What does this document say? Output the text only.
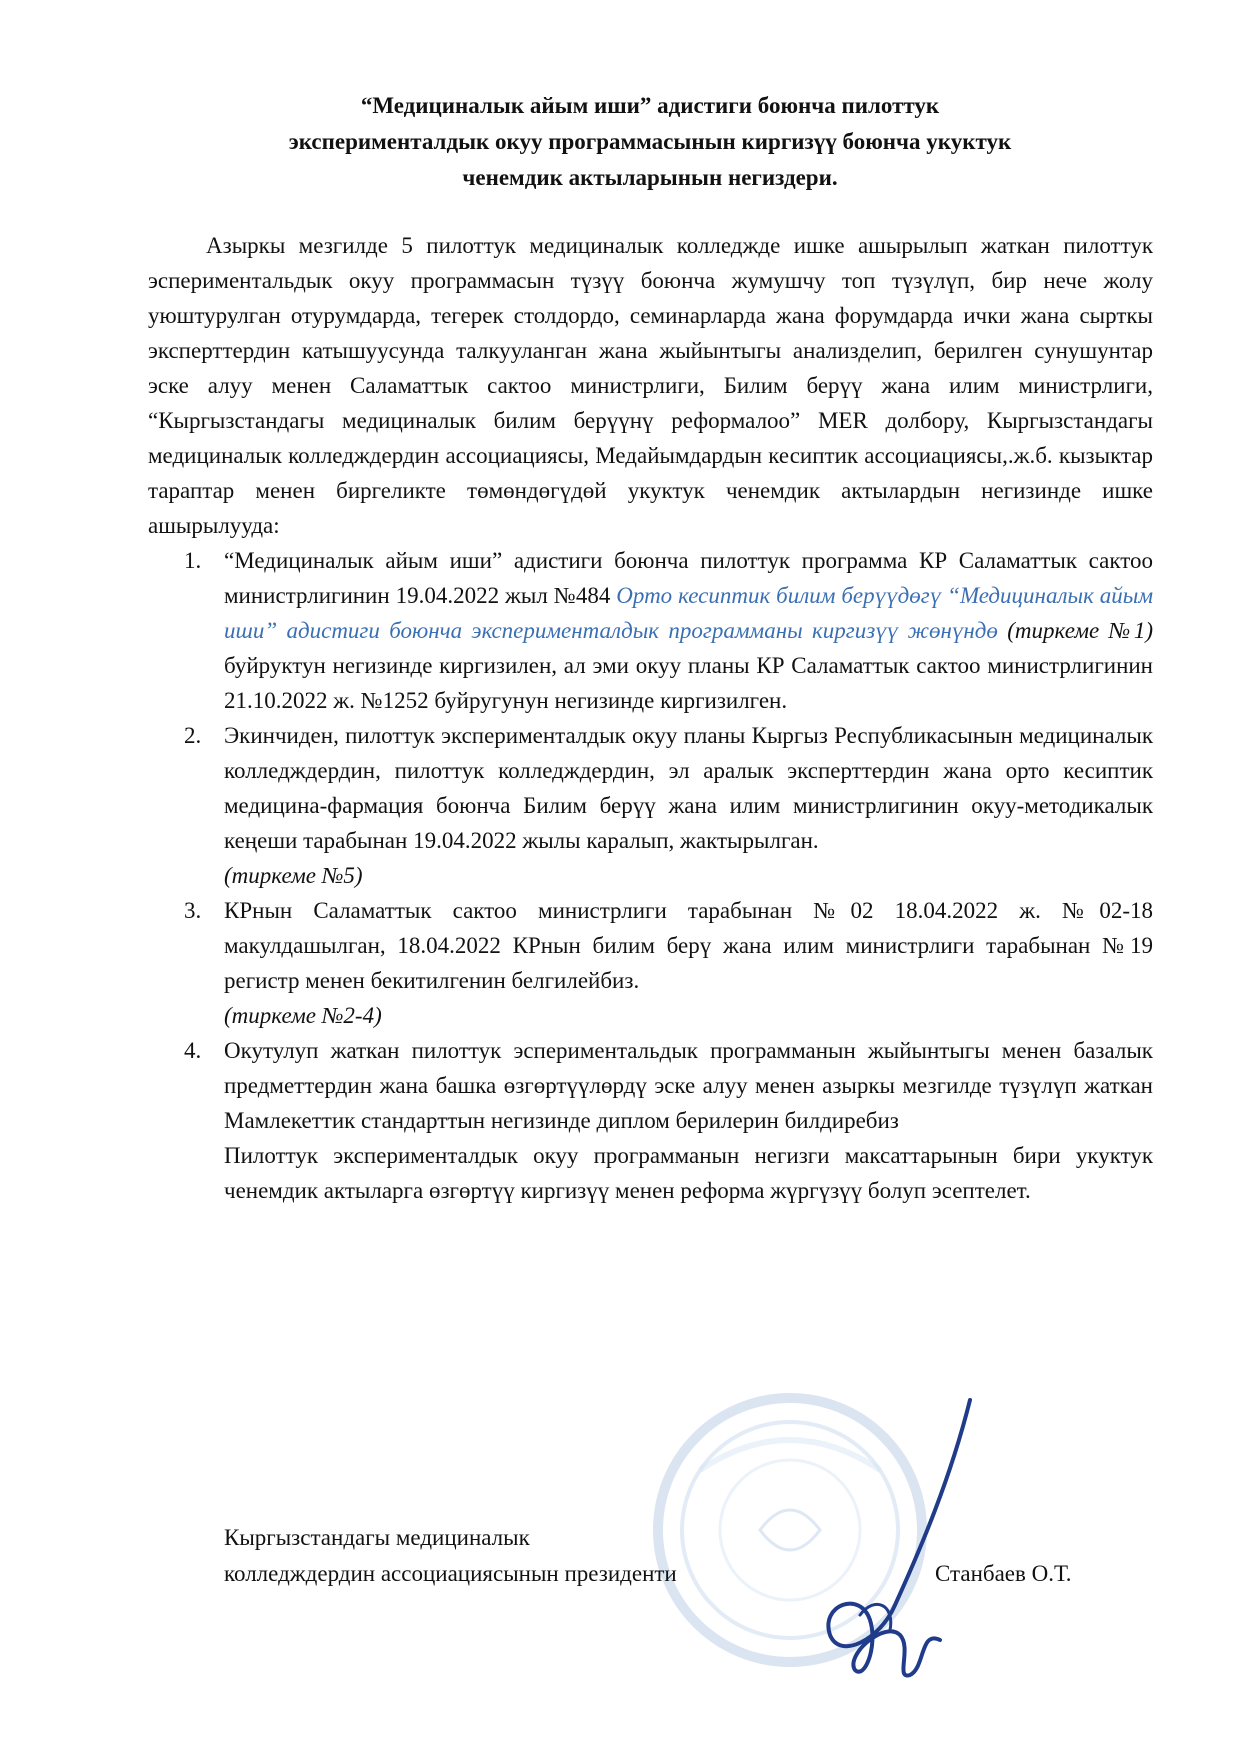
“Медициналык айым иши” адистиги боюнча пилоттук
эксперименталдык окуу программасынын киргизүү боюнча укуктук
ченемдик актыларынын негиздери.

Азыркы мезгилде 5 пилоттук медициналык колледжде ишке ашырылып жаткан пилоттук эспериментальдык окуу программасын түзүү боюнча жумушчу топ түзүлүп, бир нече жолу уюштурулган отурумдарда, тегерек столдордо, семинарларда жана форумдарда ички жана сырткы эксперттердин катышуусунда талкууланган жана жыйынтыгы анализделип, берилген сунушунтар эске алуу менен Саламаттык сактоо министрлиги, Билим берүү жана илим министрлиги, “Кыргызстандагы медициналык билим берүүнү реформалоо” MER долбору, Кыргызстандагы медициналык колледждердин ассоциациясы, Медайымдардын кесиптик ассоциациясы,.ж.б. кызыктар тараптар менен биргеликте төмөндөгүдөй укуктук ченемдик актылардын негизинде ишке ашырылууда:

1. “Медициналык айым иши” адистиги боюнча пилоттук программа КР Саламаттык сактоо министрлигинин 19.04.2022 жыл №484 Орто кесиптик билим берүүдөгү “Медициналык айым иши” адистиги боюнча эксперименталдык программаны киргизүү жөнүндө (тиркеме №1) буйруктун негизинде киргизилен, ал эми окуу планы КР Саламаттык сактоо министрлигинин 21.10.2022 ж. №1252 буйругунун негизинде киргизилген.
2. Экинчиден, пилоттук эксперименталдык окуу планы Кыргыз Республикасынын медициналык колледждердин, пилоттук колледждердин, эл аралык эксперттердин жана орто кесиптик медицина-фармация боюнча Билим берүү жана илим министрлигинин окуу-методикалык кеңеши тарабынан 19.04.2022 жылы каралып, жактырылган.
(тиркеме №5)
3. КРнын Саламаттык сактоо министрлиги тарабынан №02 18.04.2022 ж. №02-18 макулдашылган, 18.04.2022 КРнын билим берү жана илим министрлиги тарабынан №19 регистр менен бекитилгенин белгилейбиз.
(тиркеме №2-4)
4. Окутулуп жаткан пилоттук эспериментальдык программанын жыйынтыгы менен базалык предметтердин жана башка өзгөртүүлөрдү эске алуу менен азыркы мезгилде түзүлүп жаткан Мамлекеттик стандарттын негизинде диплом берилерин билдиребиз

Пилоттук эксперименталдык окуу программанын негизги максаттарынын бири укуктук ченемдик актыларга өзгөртүү киргизүү менен реформа жүргүзүү болуп эсептелет.

Кыргызстандагы медициналык
колледждердин ассоциациясынын президенти	Станбаев О.Т.
